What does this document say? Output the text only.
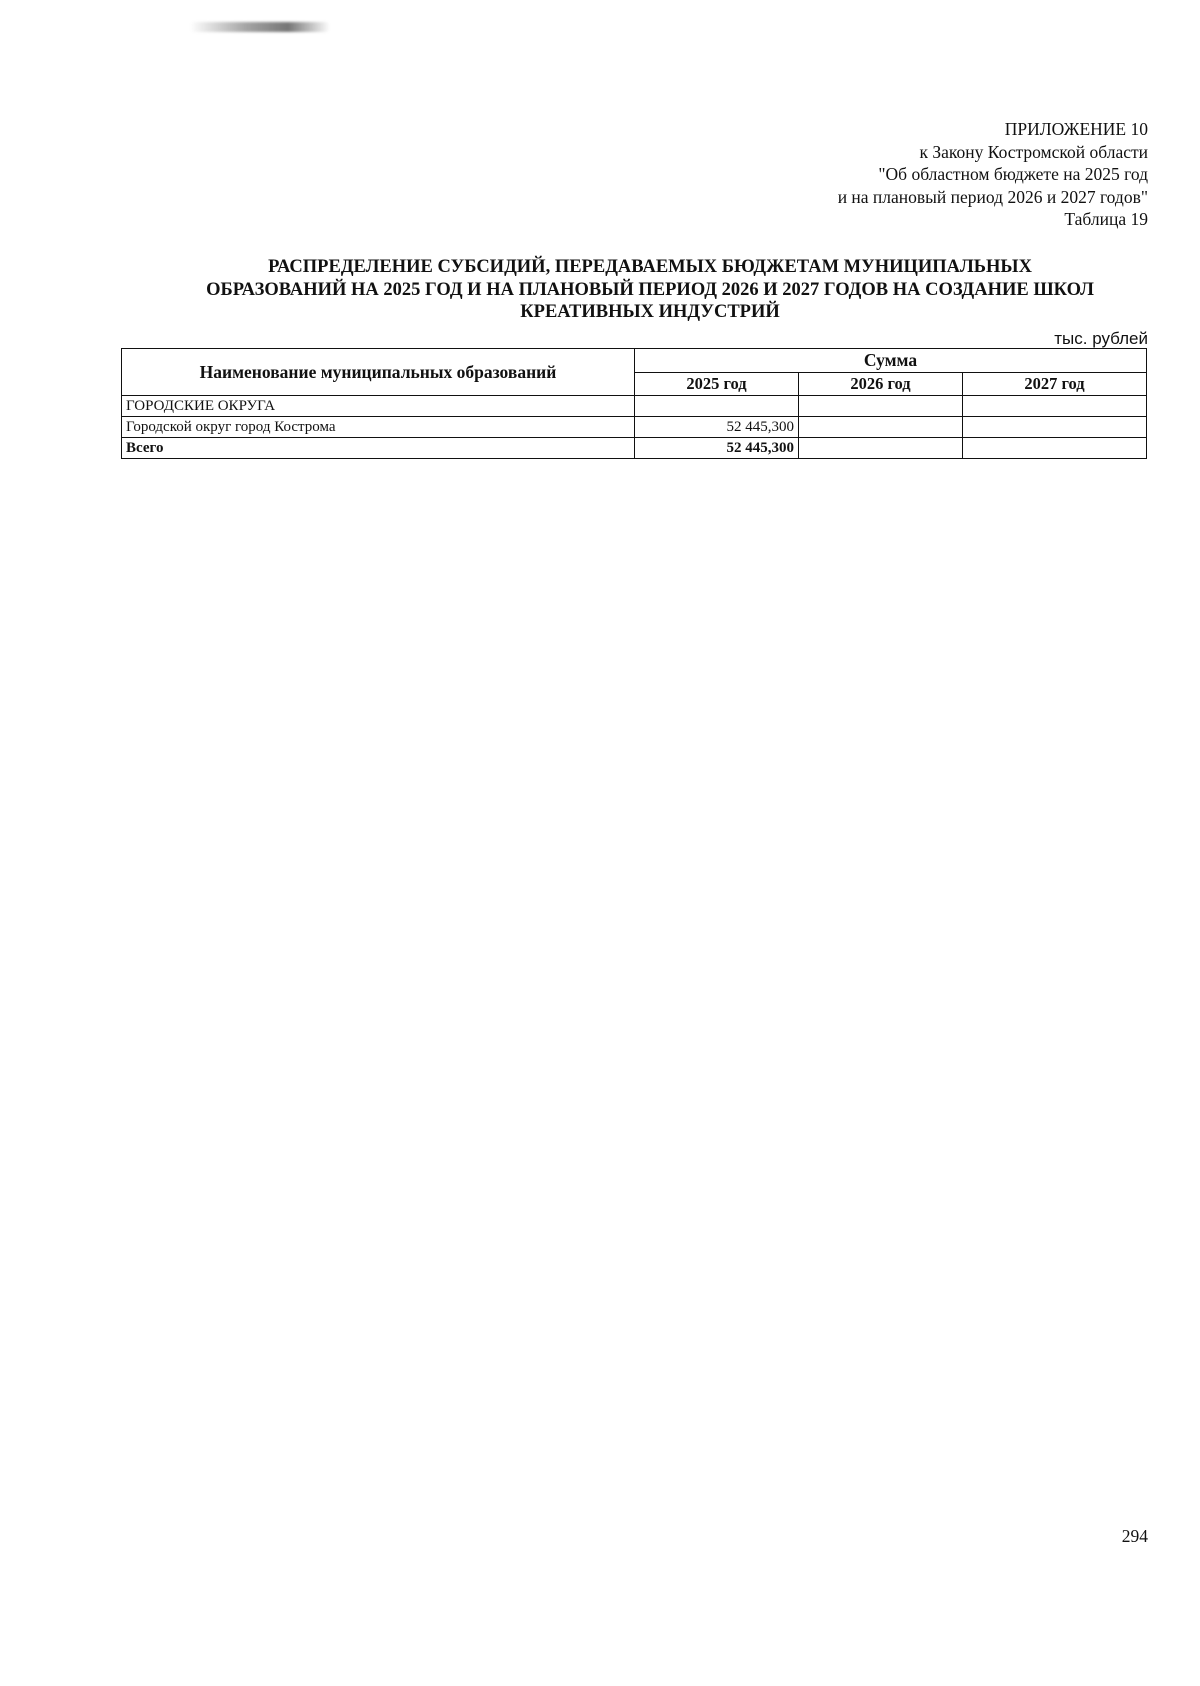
ПРИЛОЖЕНИЕ 10
к Закону Костромской области
"Об областном бюджете на 2025 год
и на плановый период 2026 и 2027 годов"
Таблица 19
РАСПРЕДЕЛЕНИЕ СУБСИДИЙ, ПЕРЕДАВАЕМЫХ БЮДЖЕТАМ МУНИЦИПАЛЬНЫХ
ОБРАЗОВАНИЙ НА 2025 ГОД И НА ПЛАНОВЫЙ ПЕРИОД 2026 И 2027 ГОДОВ НА СОЗДАНИЕ ШКОЛ
КРЕАТИВНЫХ ИНДУСТРИЙ
тыс. рублей
Наименование муниципальных образований	Сумма		
	2025 год	2026 год	2027 год
ГОРОДСКИЕ ОКРУГА			
Городской округ город Кострома	52 445,300		
Всего	52 445,300		
294
